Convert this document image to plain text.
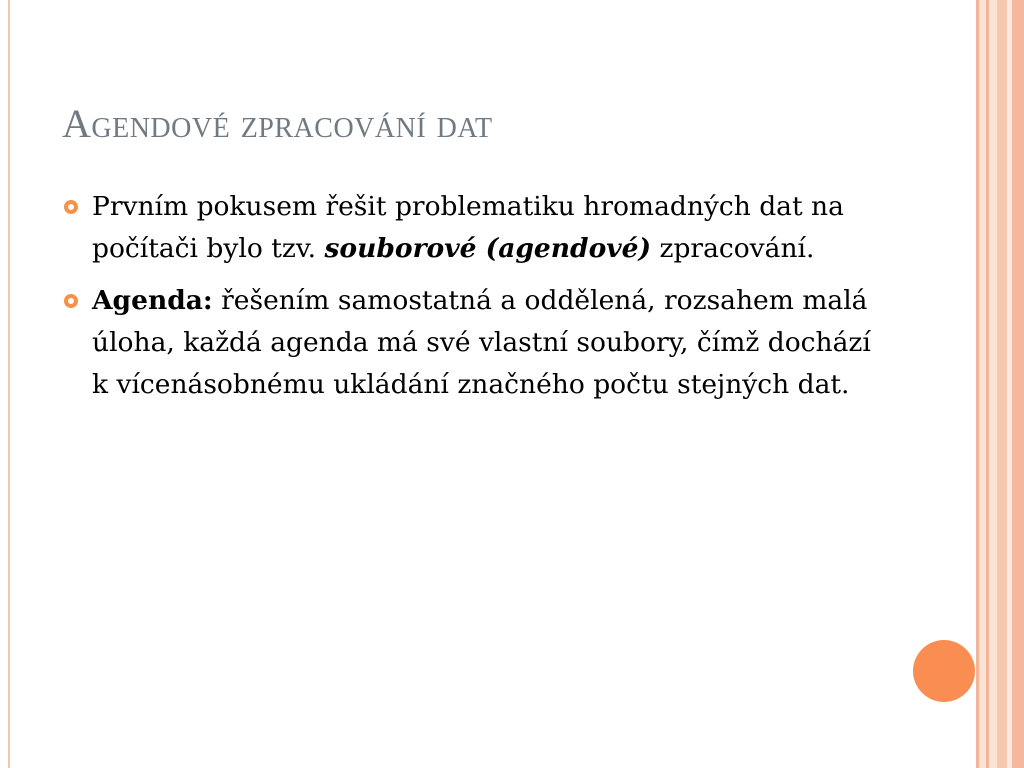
Agendové zpracování dat
Prvním pokusem řešit problematiku hromadných dat na počítači bylo tzv. souborové (agendové) zpracování.
Agenda: řešením samostatná a oddělená, rozsahem malá úloha, každá agenda má své vlastní soubory, čímž dochází k vícenásobnému ukládání značného počtu stejných dat.
